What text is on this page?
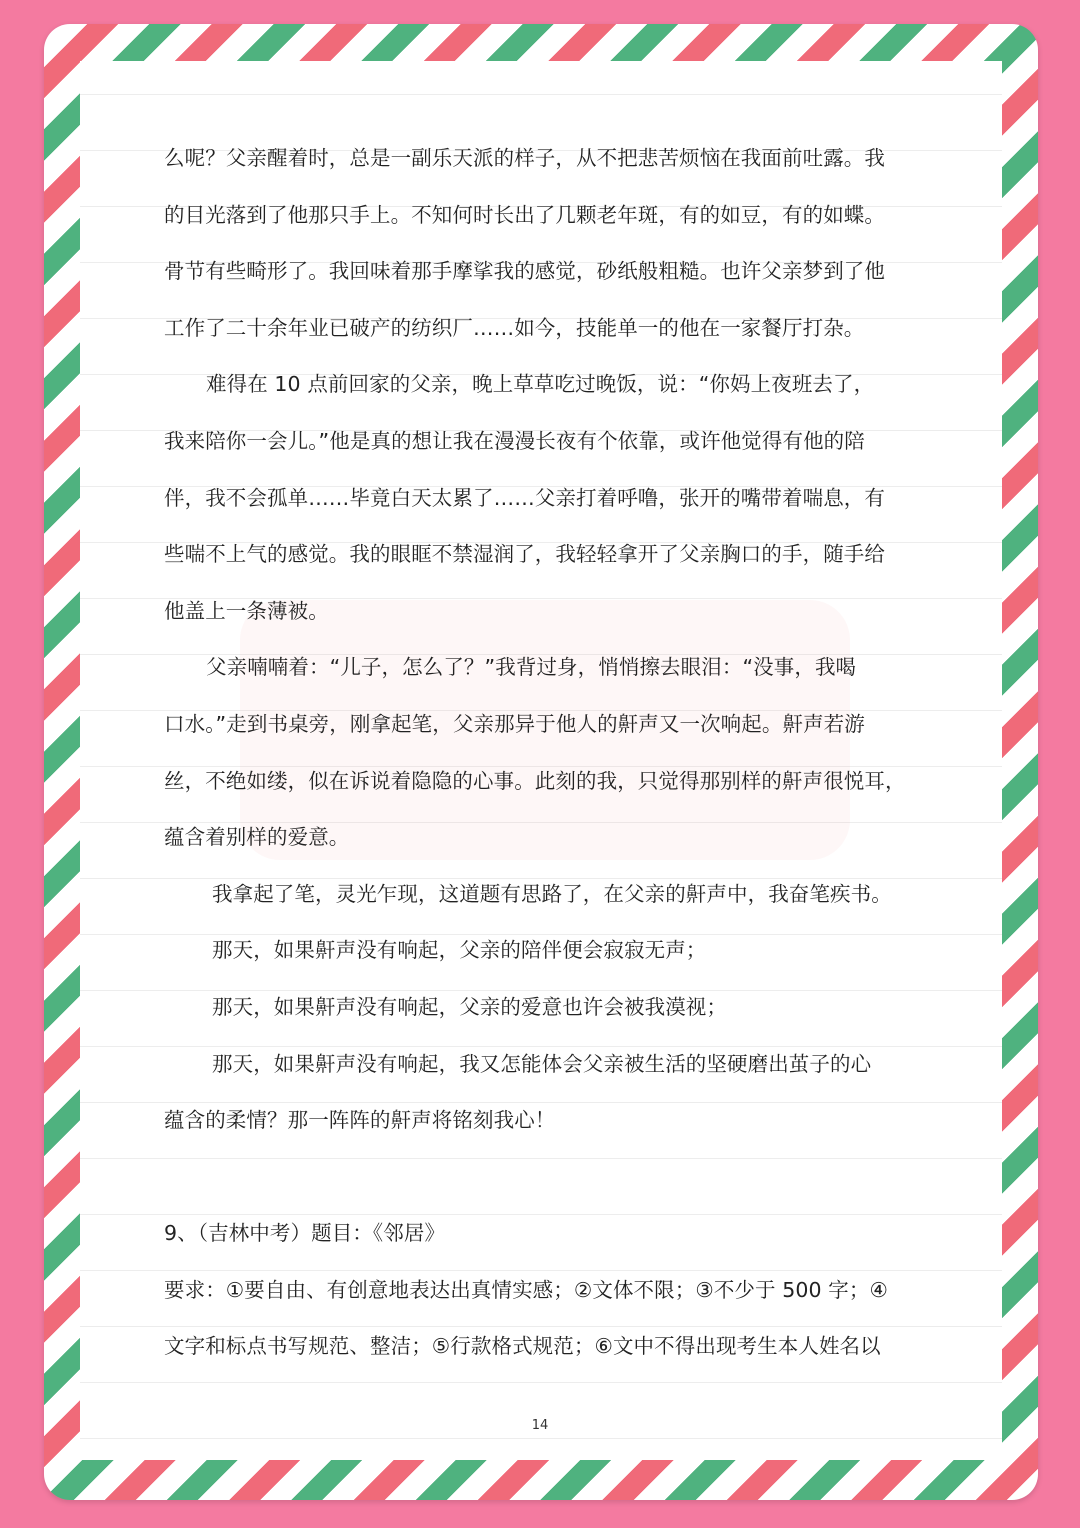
么呢？父亲醒着时，总是一副乐天派的样子，从不把悲苦烦恼在我面前吐露。我
的目光落到了他那只手上。不知何时长出了几颗老年斑，有的如豆，有的如蝶。
骨节有些畸形了。我回味着那手摩挲我的感觉，砂纸般粗糙。也许父亲梦到了他
工作了二十余年业已破产的纺织厂……如今，技能单一的他在一家餐厅打杂。
难得在 10 点前回家的父亲，晚上草草吃过晚饭，说：“你妈上夜班去了，
我来陪你一会儿。”他是真的想让我在漫漫长夜有个依靠，或许他觉得有他的陪
伴，我不会孤单……毕竟白天太累了……父亲打着呼噜，张开的嘴带着喘息，有
些喘不上气的感觉。我的眼眶不禁湿润了，我轻轻拿开了父亲胸口的手，随手给
他盖上一条薄被。
父亲喃喃着：“儿子，怎么了？”我背过身，悄悄擦去眼泪：“没事，我喝
口水。”走到书桌旁，刚拿起笔，父亲那异于他人的鼾声又一次响起。鼾声若游
丝，不绝如缕，似在诉说着隐隐的心事。此刻的我，只觉得那别样的鼾声很悦耳，
蕴含着别样的爱意。
我拿起了笔，灵光乍现，这道题有思路了，在父亲的鼾声中，我奋笔疾书。
那天，如果鼾声没有响起，父亲的陪伴便会寂寂无声；
那天，如果鼾声没有响起，父亲的爱意也许会被我漠视；
那天，如果鼾声没有响起，我又怎能体会父亲被生活的坚硬磨出茧子的心
蕴含的柔情？那一阵阵的鼾声将铭刻我心！
9、（吉林中考）题目：《邻居》
要求：①要自由、有创意地表达出真情实感；②文体不限；③不少于 500 字；④
文字和标点书写规范、整洁；⑤行款格式规范；⑥文中不得出现考生本人姓名以
14
